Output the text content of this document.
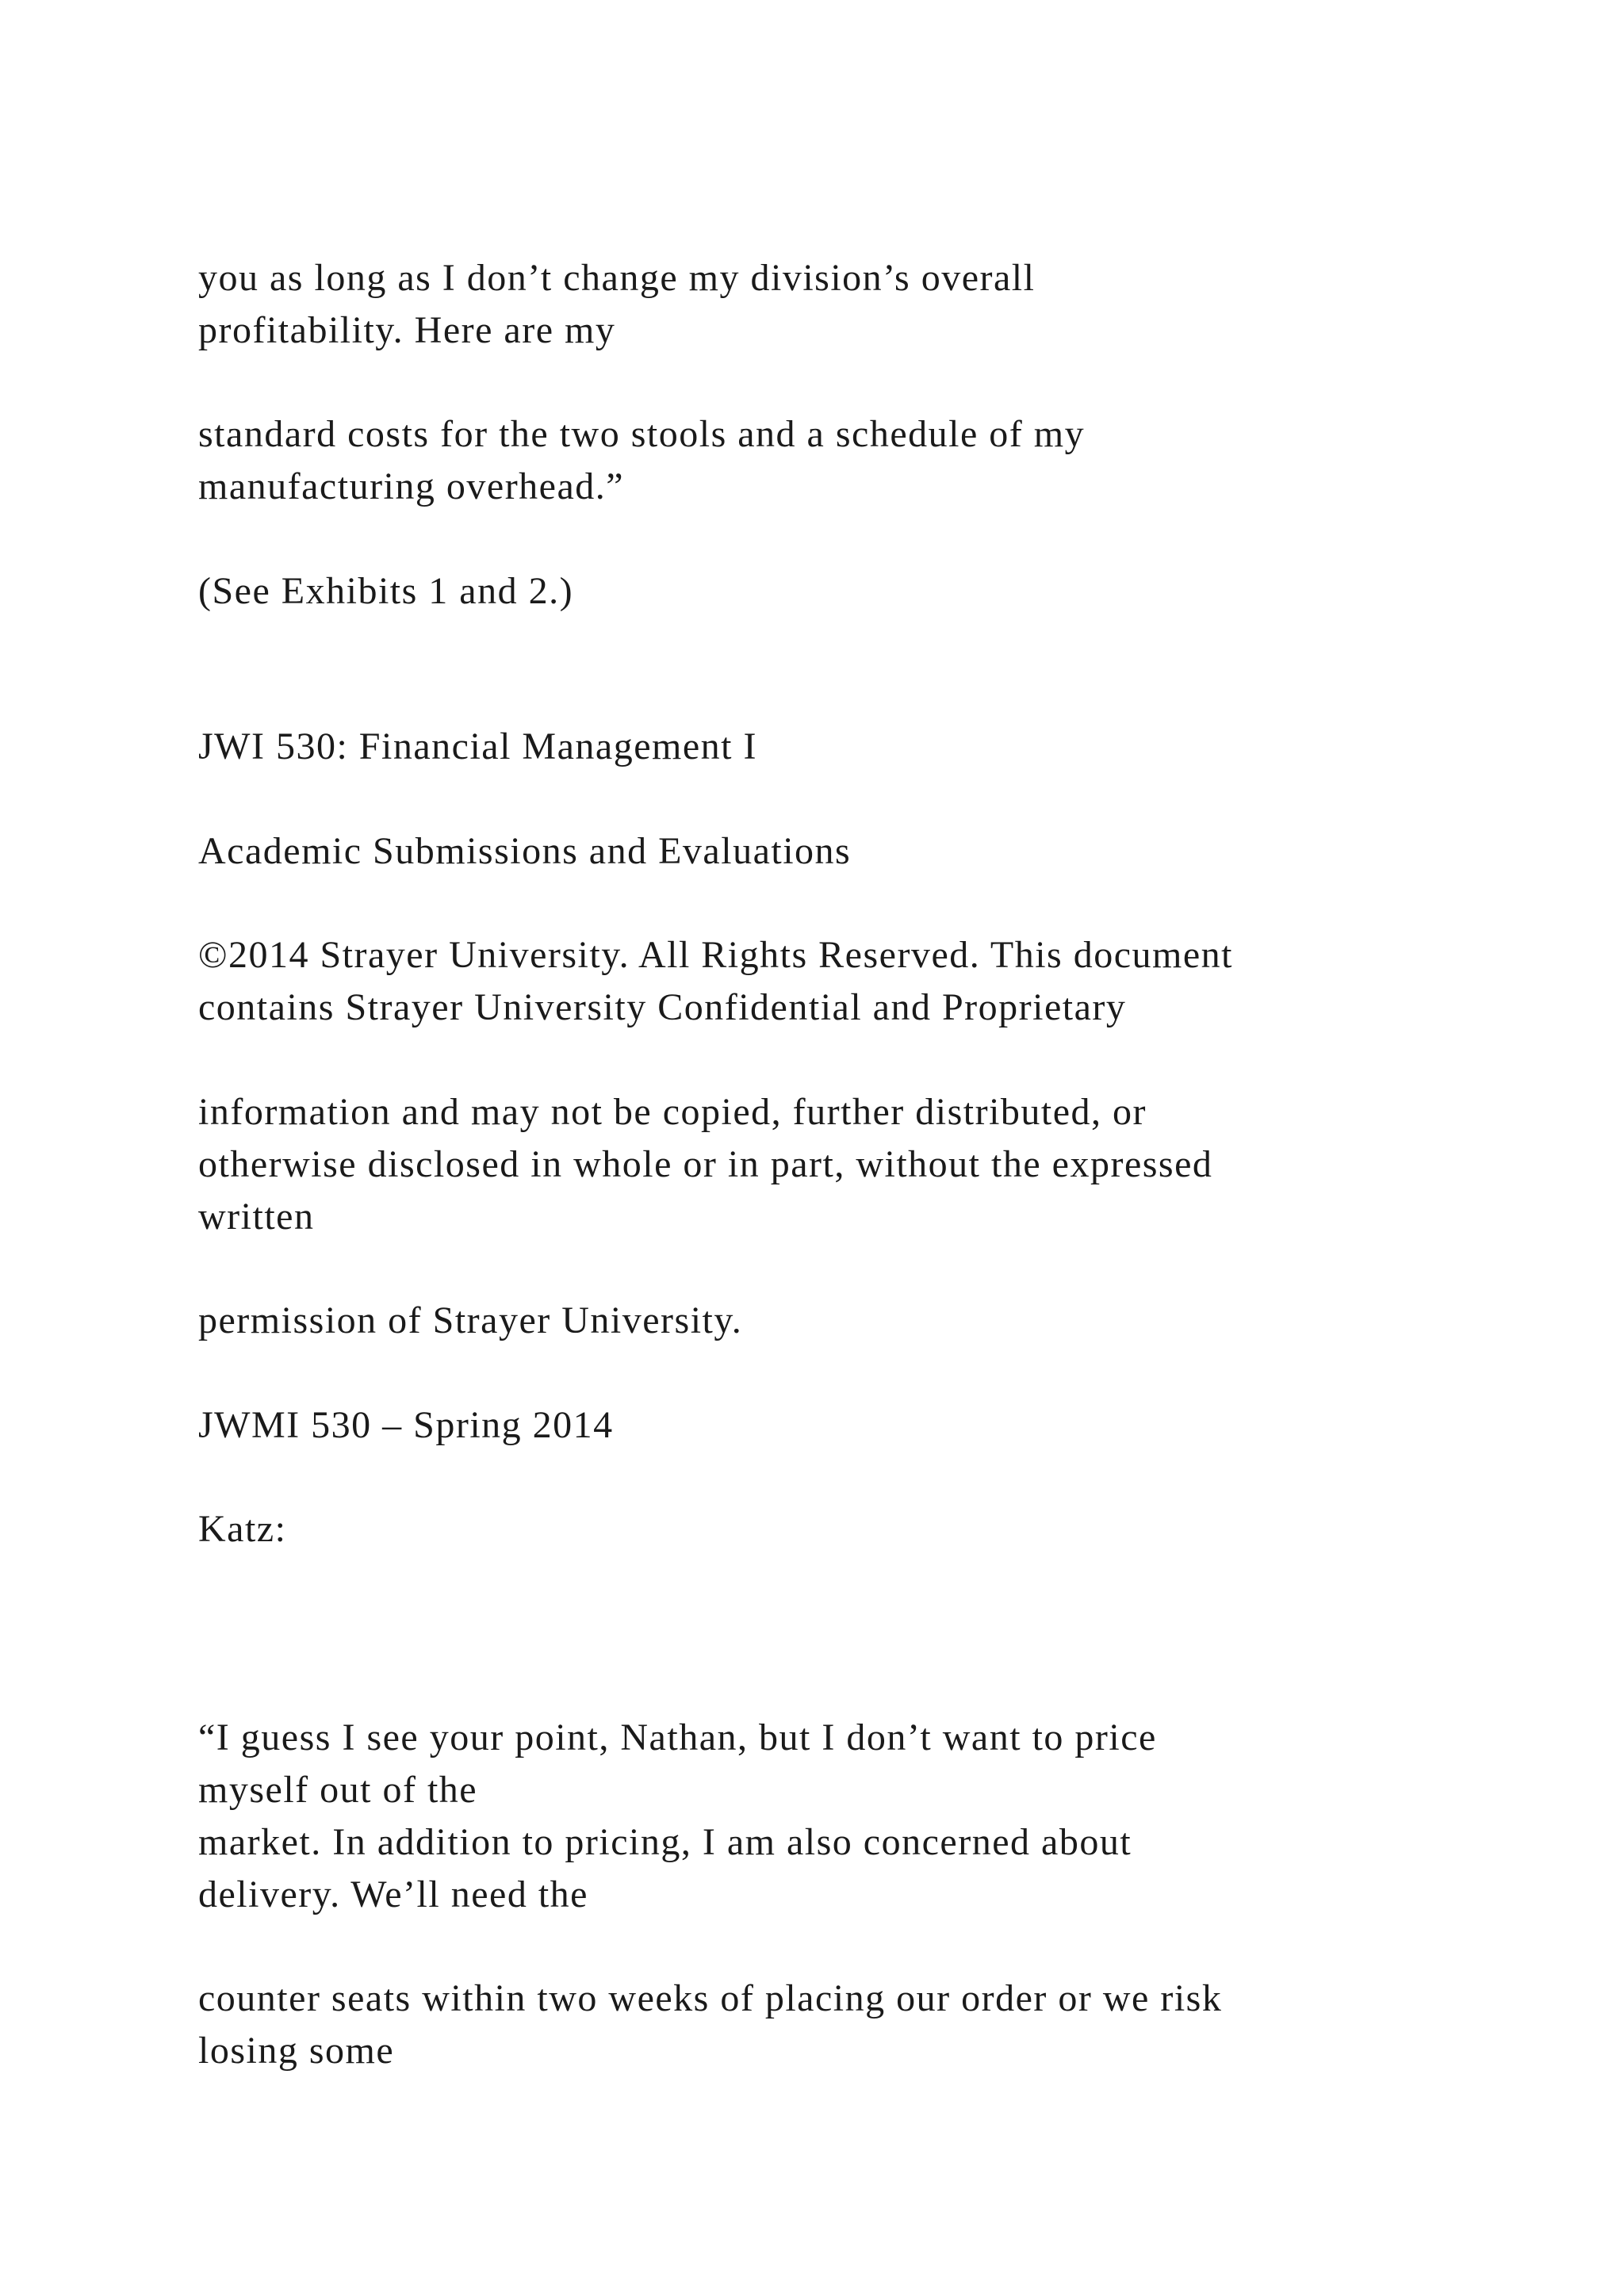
you as long as I don’t change my division’s overall

profitability. Here are my

standard costs for the two stools and a schedule of my

manufacturing overhead.”

(See Exhibits 1 and 2.)

JWI 530: Financial Management I

Academic Submissions and Evaluations

©2014 Strayer University. All Rights Reserved. This document

contains Strayer University Confidential and Proprietary

information and may not be copied, further distributed, or

otherwise disclosed in whole or in part, without the expressed

written

permission of Strayer University.

JWMI 530 – Spring 2014

Katz:

“I guess I see your point, Nathan, but I don’t want to price

myself out of the

market. In addition to pricing, I am also concerned about

delivery. We’ll need the

counter seats within two weeks of placing our order or we risk

losing some
